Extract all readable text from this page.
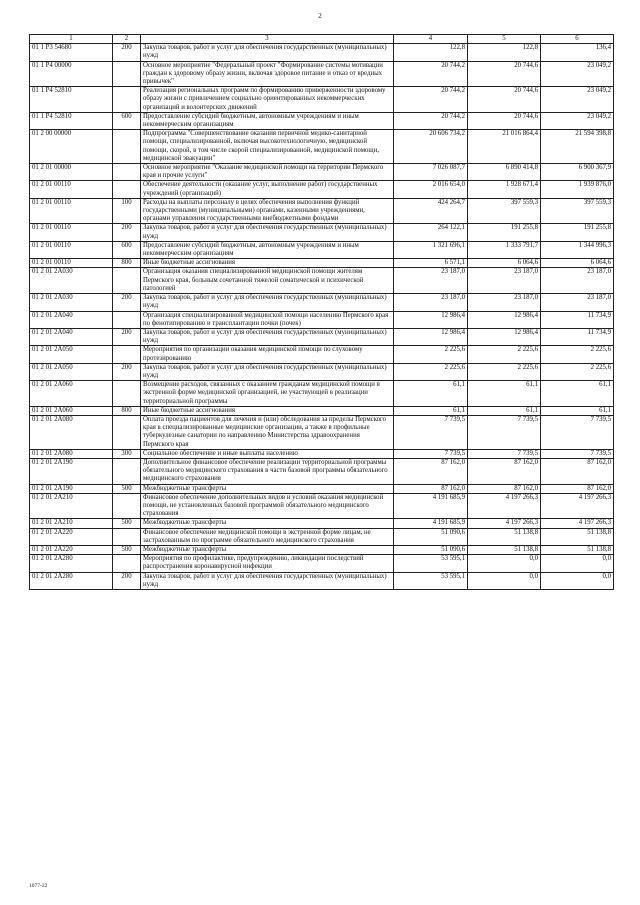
2
1	2	3	4	5	6
01 1 P3 54680	200	Закупка товаров, работ и услуг для обеспечения государственных (муниципальных) нужд	122,8	122,8	136,4
01 1 P4 00000		Основное мероприятие "Федеральный проект "Формирование системы мотивации граждан к здоровому образу жизни, включая здоровое питание и отказ от вредных привычек"	20 744,2	20 744,6	23 049,2
01 1 P4 52810		Реализация региональных программ по формированию приверженности здоровому образу жизни с привлечением социально ориентированных некоммерческих организаций и волонтерских движений	20 744,2	20 744,6	23 049,2
01 1 P4 52810	600	Предоставление субсидий бюджетным, автономным учреждениям и иным некоммерческим организациям	20 744,2	20 744,6	23 049,2
01 2 00 00000		Подпрограмма "Совершенствование оказания первичной медико-санитарной помощи, специализированной, включая высокотехнологичную, медицинской помощи, скорой, в том числе скорой специализированной, медицинской помощи, медицинской эвакуации"	20 606 734,2	21 016 864,4	21 594 398,8
01 2 01 00000		Основное мероприятие "Оказание медицинской помощи на территории Пермского края и прочие услуги"	7 026 087,7	6 890 414,8	6 900 367,9
01 2 01 00110		Обеспечение деятельности (оказание услуг, выполнение работ) государственных учреждений (организаций)	2 016 654,0	1 928 671,4	1 939 876,0
01 2 01 00110	100	Расходы на выплаты персоналу в целях обеспечения выполнения функций государственными (муниципальными) органами, казенными учреждениями, органами управления государственными внебюджетными фондами	424 264,7	397 559,3	397 559,3
01 2 01 00110	200	Закупка товаров, работ и услуг для обеспечения государственных (муниципальных) нужд	264 122,1	191 255,8	191 255,8
01 2 01 00110	600	Предоставление субсидий бюджетным, автономным учреждениям и иным некоммерческим организациям	1 321 696,1	1 333 791,7	1 344 996,3
01 2 01 00110	800	Иные бюджетные ассигнования	6 571,1	6 064,6	6 064,6
01 2 01 2A030		Организация оказания специализированной медицинской помощи жителям Пермского края, больным сочетанной тяжелой соматической и психической патологией	23 187,0	23 187,0	23 187,0
01 2 01 2A030	200	Закупка товаров, работ и услуг для обеспечения государственных (муниципальных) нужд	23 187,0	23 187,0	23 187,0
01 2 01 2A040		Организация специализированной медицинской помощи населению Пермского края по фенотипированию и трансплантации почки (почек)	12 986,4	12 986,4	11 734,9
01 2 01 2A040	200	Закупка товаров, работ и услуг для обеспечения государственных (муниципальных) нужд	12 986,4	12 986,4	11 734,9
01 2 01 2A050		Мероприятия по организации оказания медицинской помощи по слуховому протезированию	2 225,6	2 225,6	2 225,6
01 2 01 2A050	200	Закупка товаров, работ и услуг для обеспечения государственных (муниципальных) нужд	2 225,6	2 225,6	2 225,6
01 2 01 2A060		Возмещение расходов, связанных с оказанием гражданам медицинской помощи в экстренной форме медицинской организацией, не участвующей в реализации территориальной программы	61,1	61,1	61,1
01 2 01 2A060	800	Иные бюджетные ассигнования	61,1	61,1	61,1
01 2 01 2A080		Оплата проезда пациентов для лечения и (или) обследования за пределы Пермского края в специализированные медицинские организации, а также в профильные туберкулезные санатории по направлению Министерства здравоохранения Пермского края	7 739,5	7 739,5	7 739,5
01 2 01 2A080	300	Социальное обеспечение и иные выплаты населению	7 739,5	7 739,5	7 739,5
01 2 01 2A190		Дополнительное финансовое обеспечение реализации территориальной программы обязательного медицинского страхования в части базовой программы обязательного медицинского страхования	87 162,0	87 162,0	87 162,0
01 2 01 2A190	500	Межбюджетные трансферты	87 162,0	87 162,0	87 162,0
01 2 01 2A210		Финансовое обеспечение дополнительных видов и условий оказания медицинской помощи, не установленных базовой программой обязательного медицинского страхования	4 191 685,9	4 197 266,3	4 197 266,3
01 2 01 2A210	500	Межбюджетные трансферты	4 191 685,9	4 197 266,3	4 197 266,3
01 2 01 2A220		Финансовое обеспечение медицинской помощи в экстренной форме лицам, не застрахованным по программе обязательного медицинского страхования	51 090,6	51 138,8	51 138,8
01 2 01 2A220	500	Межбюджетные трансферты	51 090,6	51 138,8	51 138,8
01 2 01 2A280		Мероприятия по профилактике, предупреждению, ликвидации последствий распространения коронавирусной инфекции	53 595,1	0,0	0,0
01 2 01 2A280	200	Закупка товаров, работ и услуг для обеспечения государственных (муниципальных) нужд	53 595,1	0,0	0,0
1077-22
